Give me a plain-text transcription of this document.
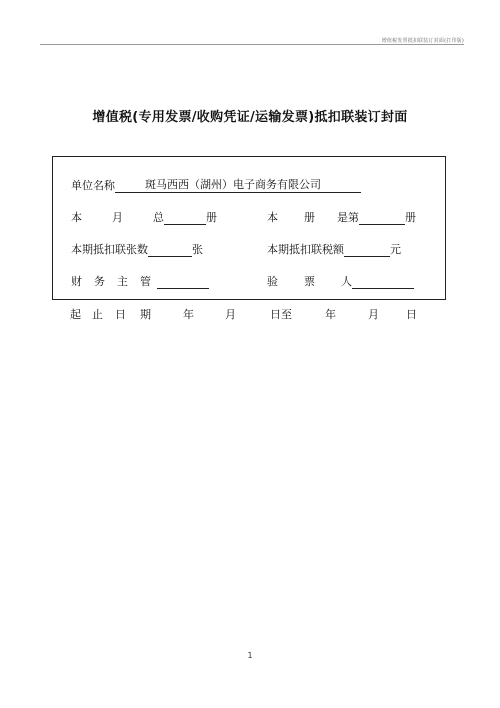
增值税发票抵扣联装订封面(打印版)
增值税(专用发票/收购凭证/运输发票)抵扣联装订封面
单位名称	斑马西西（湖州）电子商务有限公司
本	月	总	册	本 册 是第	册
本期抵扣联张数	张	本期抵扣联税额	元
财 务 主 管	验 票 人
起 止 日 期	年	月	日至	年	月 日
1
